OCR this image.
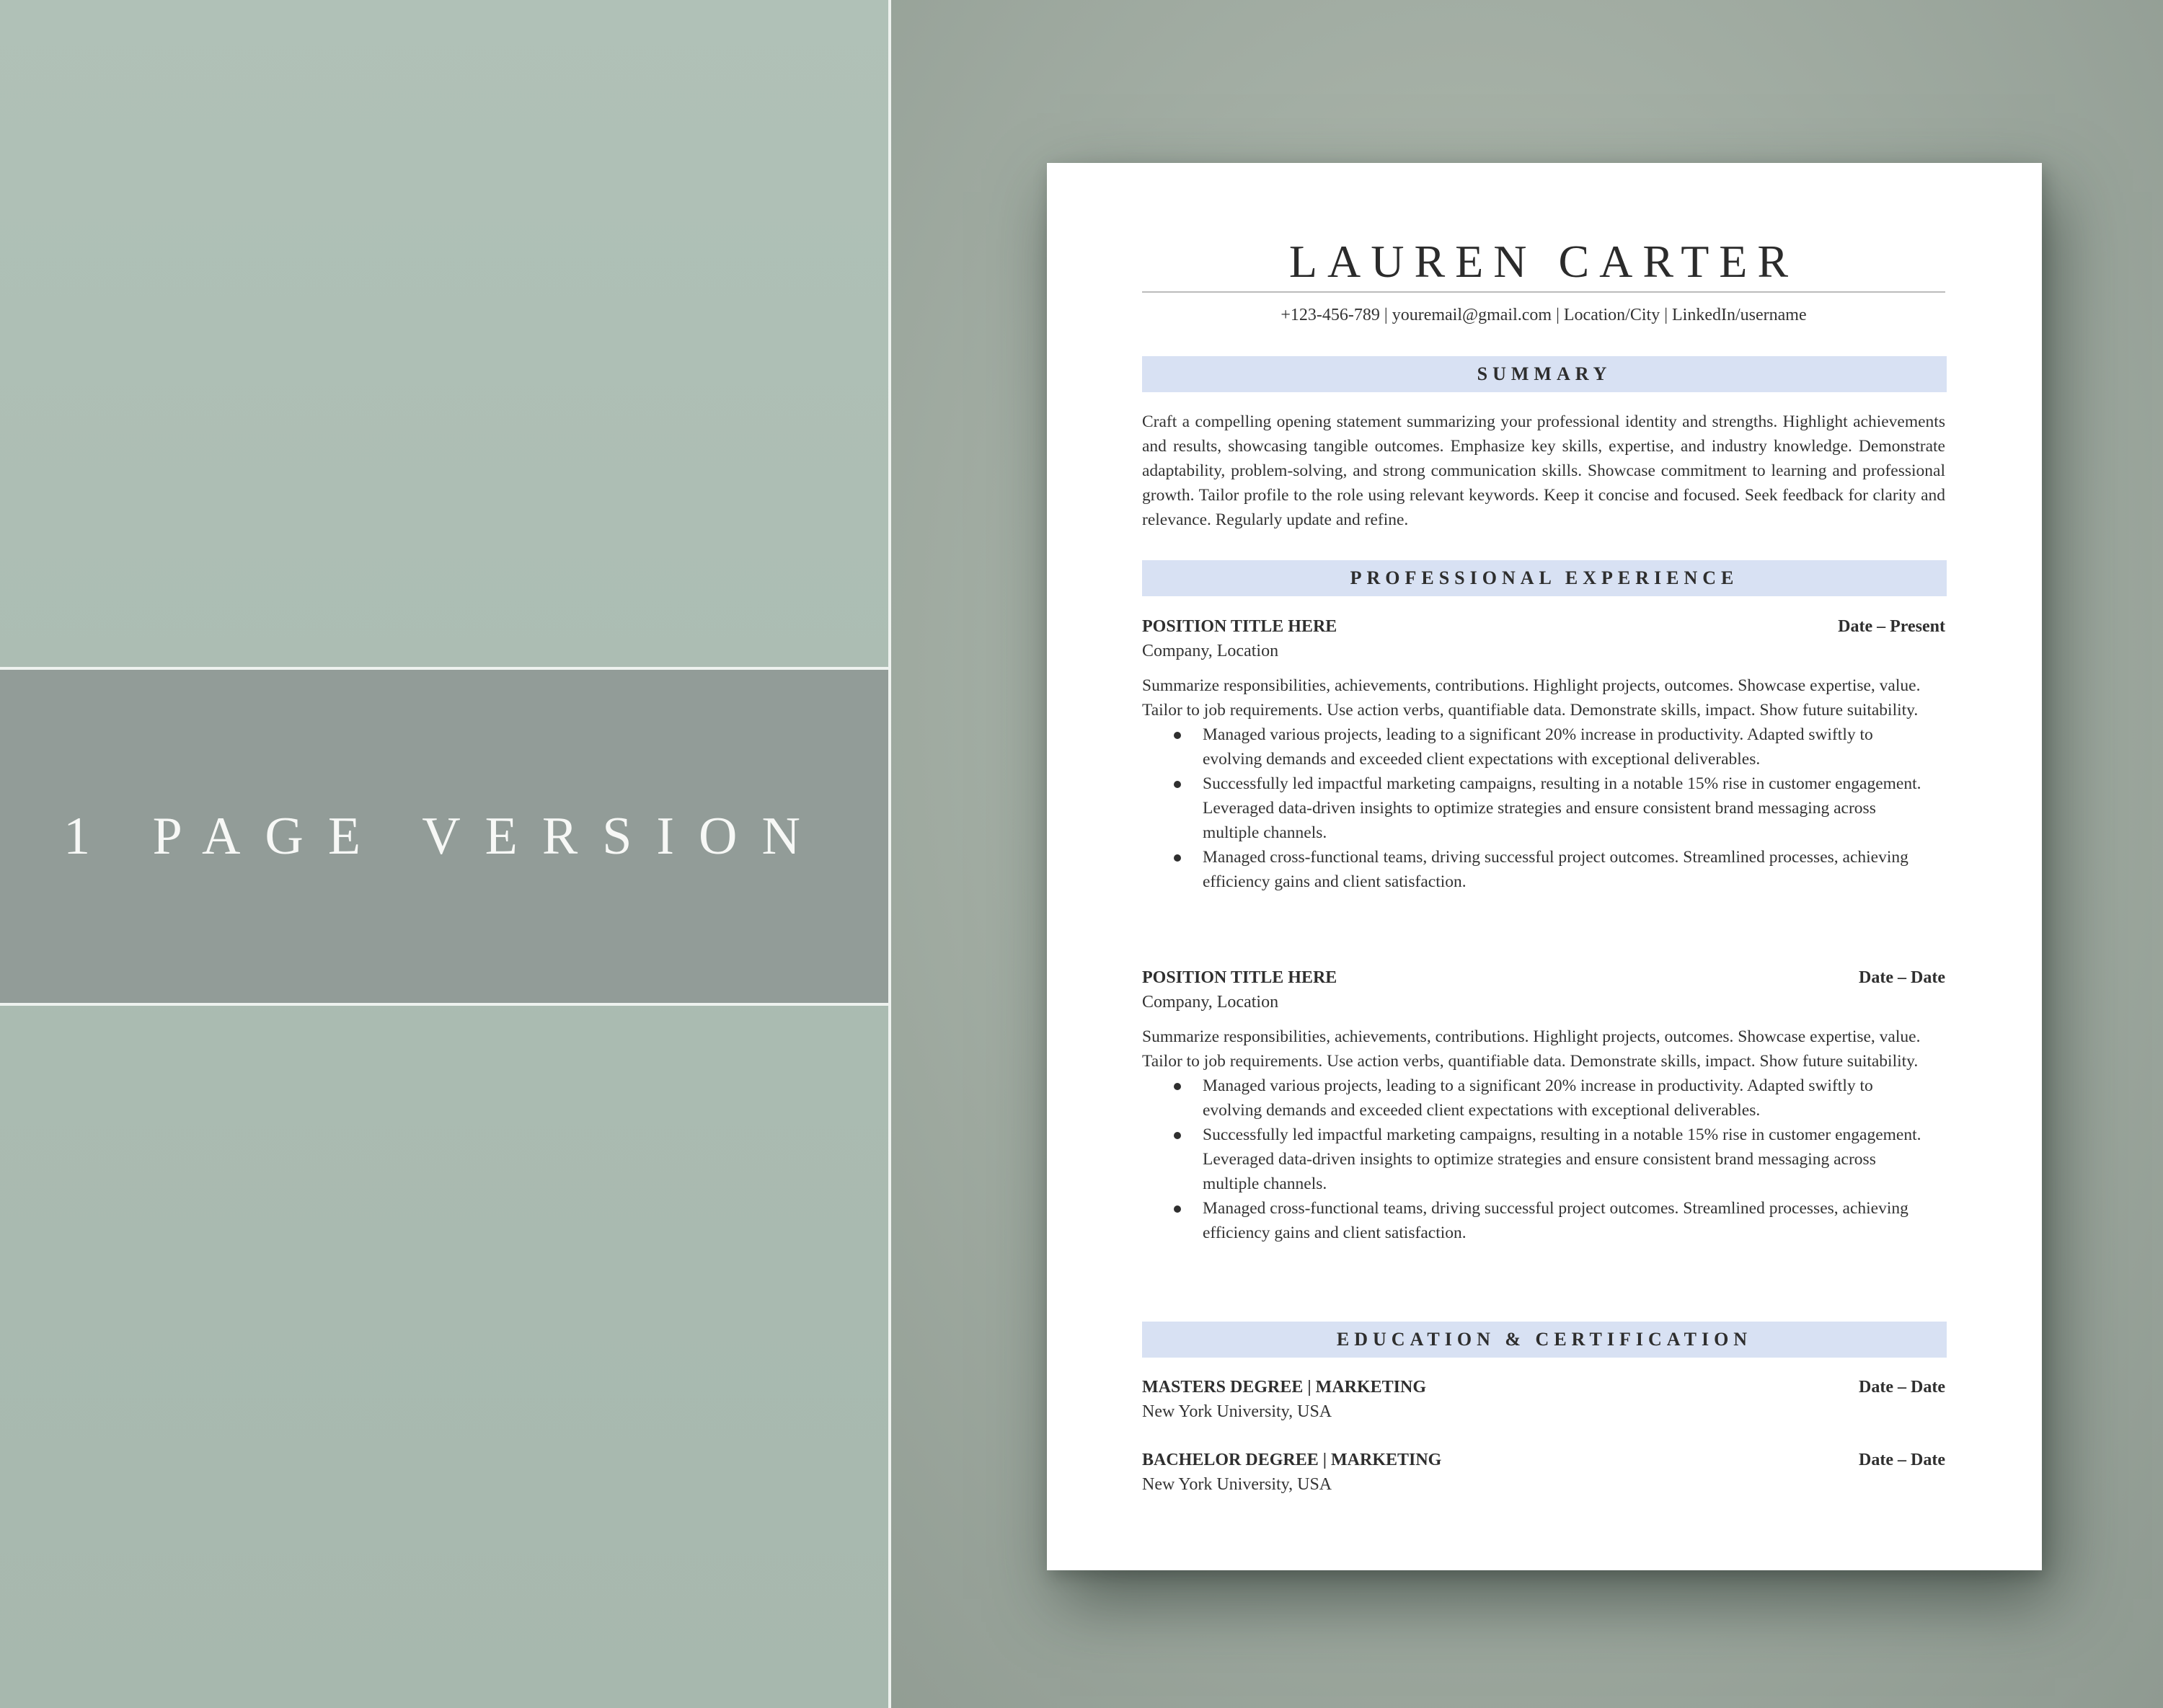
1 PAGE VERSION
LAUREN CARTER
+123-456-789 | youremail@gmail.com | Location/City | LinkedIn/username
SUMMARY
Craft a compelling opening statement summarizing your professional identity and strengths. Highlight achievements and results, showcasing tangible outcomes. Emphasize key skills, expertise, and industry knowledge. Demonstrate adaptability, problem-solving, and strong communication skills. Showcase commitment to learning and professional growth. Tailor profile to the role using relevant keywords. Keep it concise and focused. Seek feedback for clarity and relevance. Regularly update and refine.
PROFESSIONAL EXPERIENCE
POSITION TITLE HERE	Date – Present
Company, Location
Summarize responsibilities, achievements, contributions. Highlight projects, outcomes. Showcase expertise, value. Tailor to job requirements. Use action verbs, quantifiable data. Demonstrate skills, impact. Show future suitability.
Managed various projects, leading to a significant 20% increase in productivity. Adapted swiftly to evolving demands and exceeded client expectations with exceptional deliverables.
Successfully led impactful marketing campaigns, resulting in a notable 15% rise in customer engagement. Leveraged data-driven insights to optimize strategies and ensure consistent brand messaging across multiple channels.
Managed cross-functional teams, driving successful project outcomes. Streamlined processes, achieving efficiency gains and client satisfaction.
POSITION TITLE HERE	Date – Date
Company, Location
Summarize responsibilities, achievements, contributions. Highlight projects, outcomes. Showcase expertise, value. Tailor to job requirements. Use action verbs, quantifiable data. Demonstrate skills, impact. Show future suitability.
Managed various projects, leading to a significant 20% increase in productivity. Adapted swiftly to evolving demands and exceeded client expectations with exceptional deliverables.
Successfully led impactful marketing campaigns, resulting in a notable 15% rise in customer engagement. Leveraged data-driven insights to optimize strategies and ensure consistent brand messaging across multiple channels.
Managed cross-functional teams, driving successful project outcomes. Streamlined processes, achieving efficiency gains and client satisfaction.
EDUCATION & CERTIFICATION
MASTERS DEGREE | MARKETING	Date – Date
New York University, USA
BACHELOR DEGREE | MARKETING	Date – Date
New York University, USA
